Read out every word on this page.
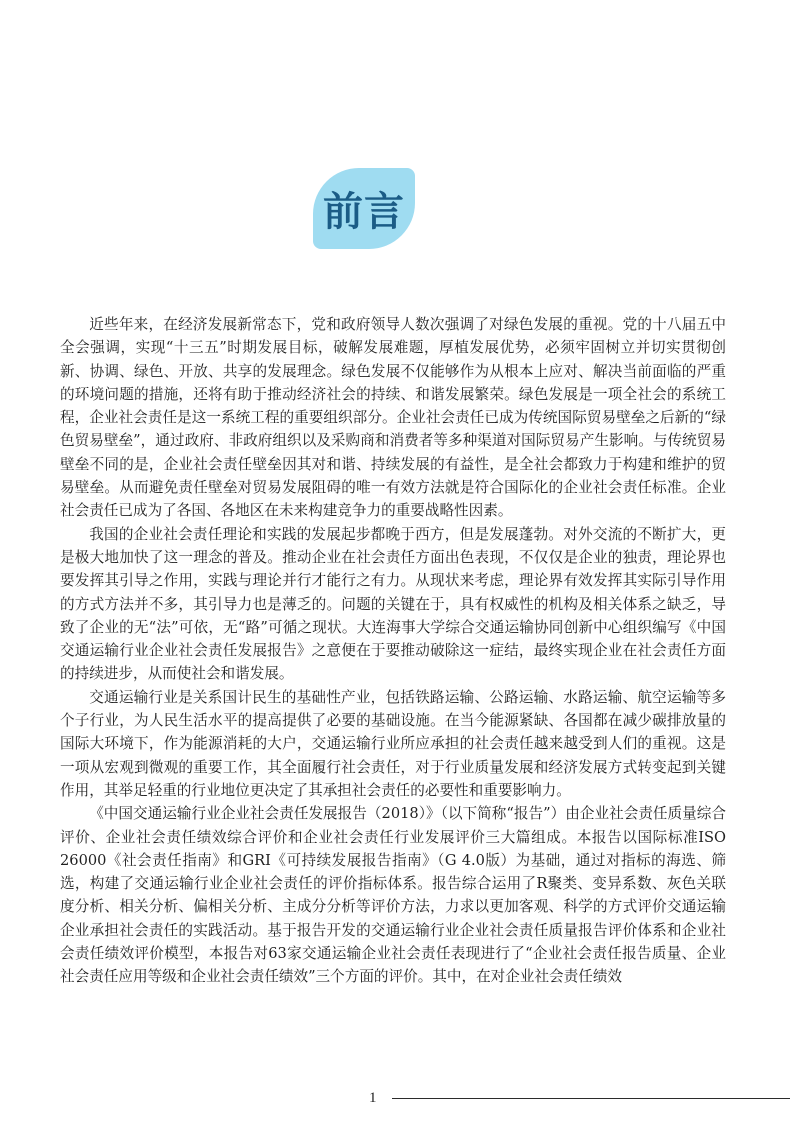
前言

近些年来，在经济发展新常态下，党和政府领导人数次强调了对绿色发展的重视。党的十八届五中全会强调，实现“十三五”时期发展目标，破解发展难题，厚植发展优势，必须牢固树立并切实贯彻创新、协调、绿色、开放、共享的发展理念。绿色发展不仅能够作为从根本上应对、解决当前面临的严重的环境问题的措施，还将有助于推动经济社会的持续、和谐发展繁荣。绿色发展是一项全社会的系统工程，企业社会责任是这一系统工程的重要组织部分。企业社会责任已成为传统国际贸易壁垒之后新的“绿色贸易壁垒”，通过政府、非政府组织以及采购商和消费者等多种渠道对国际贸易产生影响。与传统贸易壁垒不同的是，企业社会责任壁垒因其对和谐、持续发展的有益性，是全社会都致力于构建和维护的贸易壁垒。从而避免责任壁垒对贸易发展阻碍的唯一有效方法就是符合国际化的企业社会责任标准。企业社会责任已成为了各国、各地区在未来构建竞争力的重要战略性因素。

我国的企业社会责任理论和实践的发展起步都晚于西方，但是发展蓬勃。对外交流的不断扩大，更是极大地加快了这一理念的普及。推动企业在社会责任方面出色表现，不仅仅是企业的独责，理论界也要发挥其引导之作用，实践与理论并行才能行之有力。从现状来考虑，理论界有效发挥其实际引导作用的方式方法并不多，其引导力也是薄乏的。问题的关键在于，具有权威性的机构及相关体系之缺乏，导致了企业的无“法”可依，无“路”可循之现状。大连海事大学综合交通运输协同创新中心组织编写《中国交通运输行业企业社会责任发展报告》之意便在于要推动破除这一症结，最终实现企业在社会责任方面的持续进步，从而使社会和谐发展。

交通运输行业是关系国计民生的基础性产业，包括铁路运输、公路运输、水路运输、航空运输等多个子行业，为人民生活水平的提高提供了必要的基础设施。在当今能源紧缺、各国都在减少碳排放量的国际大环境下，作为能源消耗的大户，交通运输行业所应承担的社会责任越来越受到人们的重视。这是一项从宏观到微观的重要工作，其全面履行社会责任，对于行业质量发展和经济发展方式转变起到关键作用，其举足轻重的行业地位更决定了其承担社会责任的必要性和重要影响力。

《中国交通运输行业企业社会责任发展报告（2018）》（以下简称“报告”）由企业社会责任质量综合评价、企业社会责任绩效综合评价和企业社会责任行业发展评价三大篇组成。本报告以国际标准ISO 26000《社会责任指南》和GRI《可持续发展报告指南》（G 4.0版）为基础，通过对指标的海选、筛选，构建了交通运输行业企业社会责任的评价指标体系。报告综合运用了R聚类、变异系数、灰色关联度分析、相关分析、偏相关分析、主成分分析等评价方法，力求以更加客观、科学的方式评价交通运输企业承担社会责任的实践活动。基于报告开发的交通运输行业企业社会责任质量报告评价体系和企业社会责任绩效评价模型，本报告对63家交通运输企业社会责任表现进行了“企业社会责任报告质量、企业社会责任应用等级和企业社会责任绩效”三个方面的评价。其中，在对企业社会责任绩效

1
